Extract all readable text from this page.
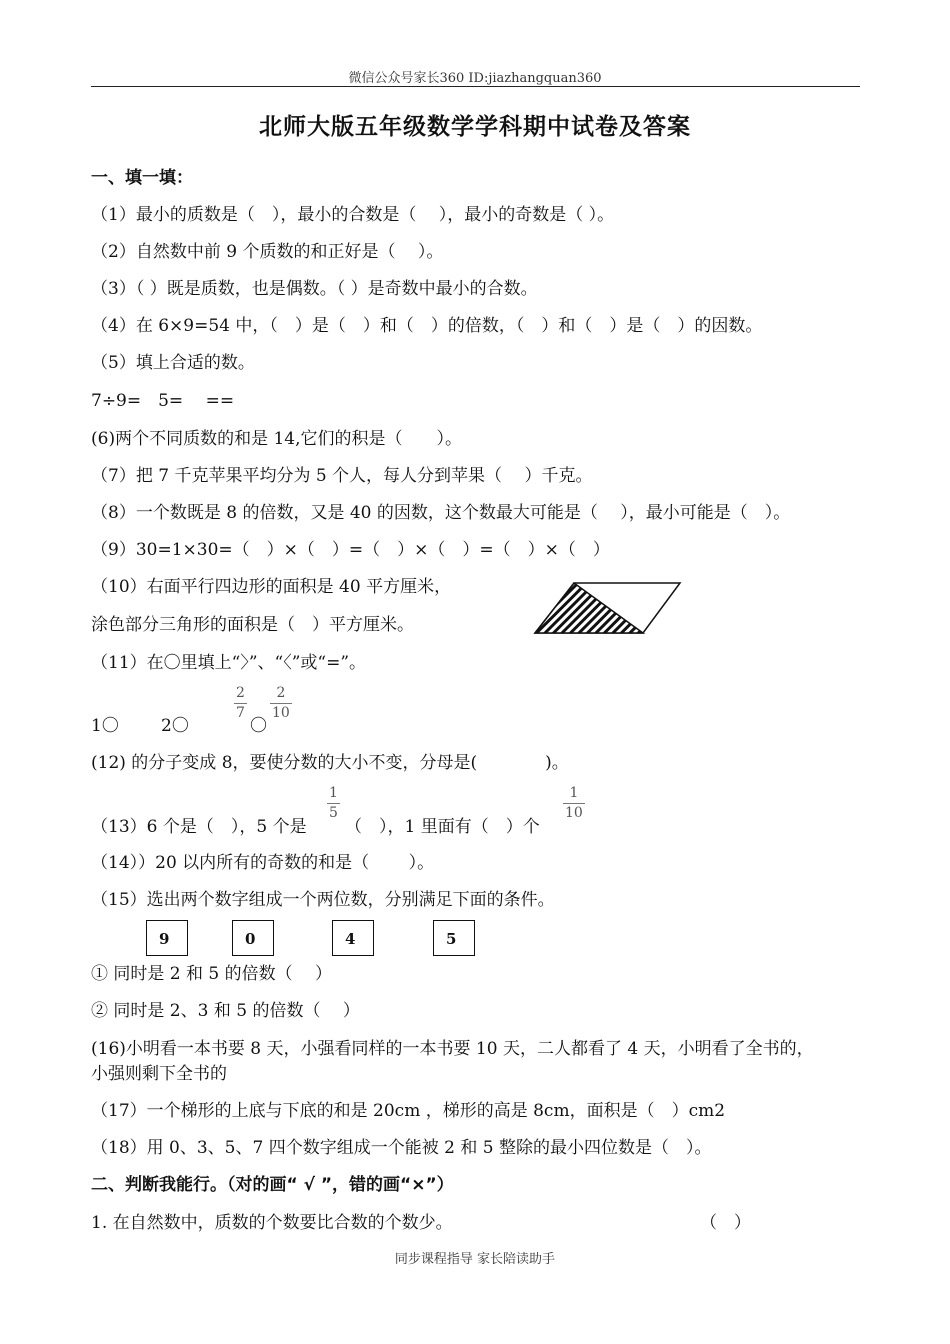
微信公众号家长360 ID:jiazhangquan360
北师大版五年级数学学科期中试卷及答案
一、填一填：
（1）最小的质数是（　），最小的合数是（　 ），最小的奇数是（ ）。
（2）自然数中前 9 个质数的和正好是（　 ）。
（3）（ ）既是质数，也是偶数。（ ）是奇数中最小的合数。
（4）在 6×9=54 中，（　）是（　）和（　）的倍数，（　）和（　）是（　）的因数。
（5）填上合适的数。
7÷9=　5=　 ==
(6)两个不同质数的和是 14,它们的积是（　　）。
（7）把 7 千克苹果平均分为 5 个人，每人分到苹果（　 ）千克。
（8）一个数既是 8 的倍数，又是 40 的因数，这个数最大可能是（　 ），最小可能是（　）。
（9）30=1×30=（　）×（　）=（　）×（　）=（　）×（　）
（10）右面平行四边形的面积是 40 平方厘米，
涂色部分三角形的面积是（　）平方厘米。
（11）在〇里填上“〉”、“〈”或“=”。
1〇 2〇
2
7
〇
2
10
(12) 的分子变成 8，要使分数的大小不变，分母是(　　　　)。
（13）6 个是（　），5 个是
1
5
（　），1 里面有（　）个
1
10
（14））20 以内所有的奇数的和是（　　 ）。
（15）选出两个数字组成一个两位数，分别满足下面的条件。
9	0	4	5
① 同时是 2 和 5 的倍数（　 ）
② 同时是 2、3 和 5 的倍数（　 ）
(16)小明看一本书要 8 天，小强看同样的一本书要 10 天，二人都看了 4 天，小明看了全书的，
小强则剩下全书的
（17）一个梯形的上底与下底的和是 20cm ，梯形的高是 8cm，面积是（　）cm2
（18）用 0、3、5、7 四个数字组成一个能被 2 和 5 整除的最小四位数是（　）。
二、判断我能行。（对的画“ √ ”，错的画“×”）
1. 在自然数中，质数的个数要比合数的个数少。	（　）
同步课程指导 家长陪读助手
